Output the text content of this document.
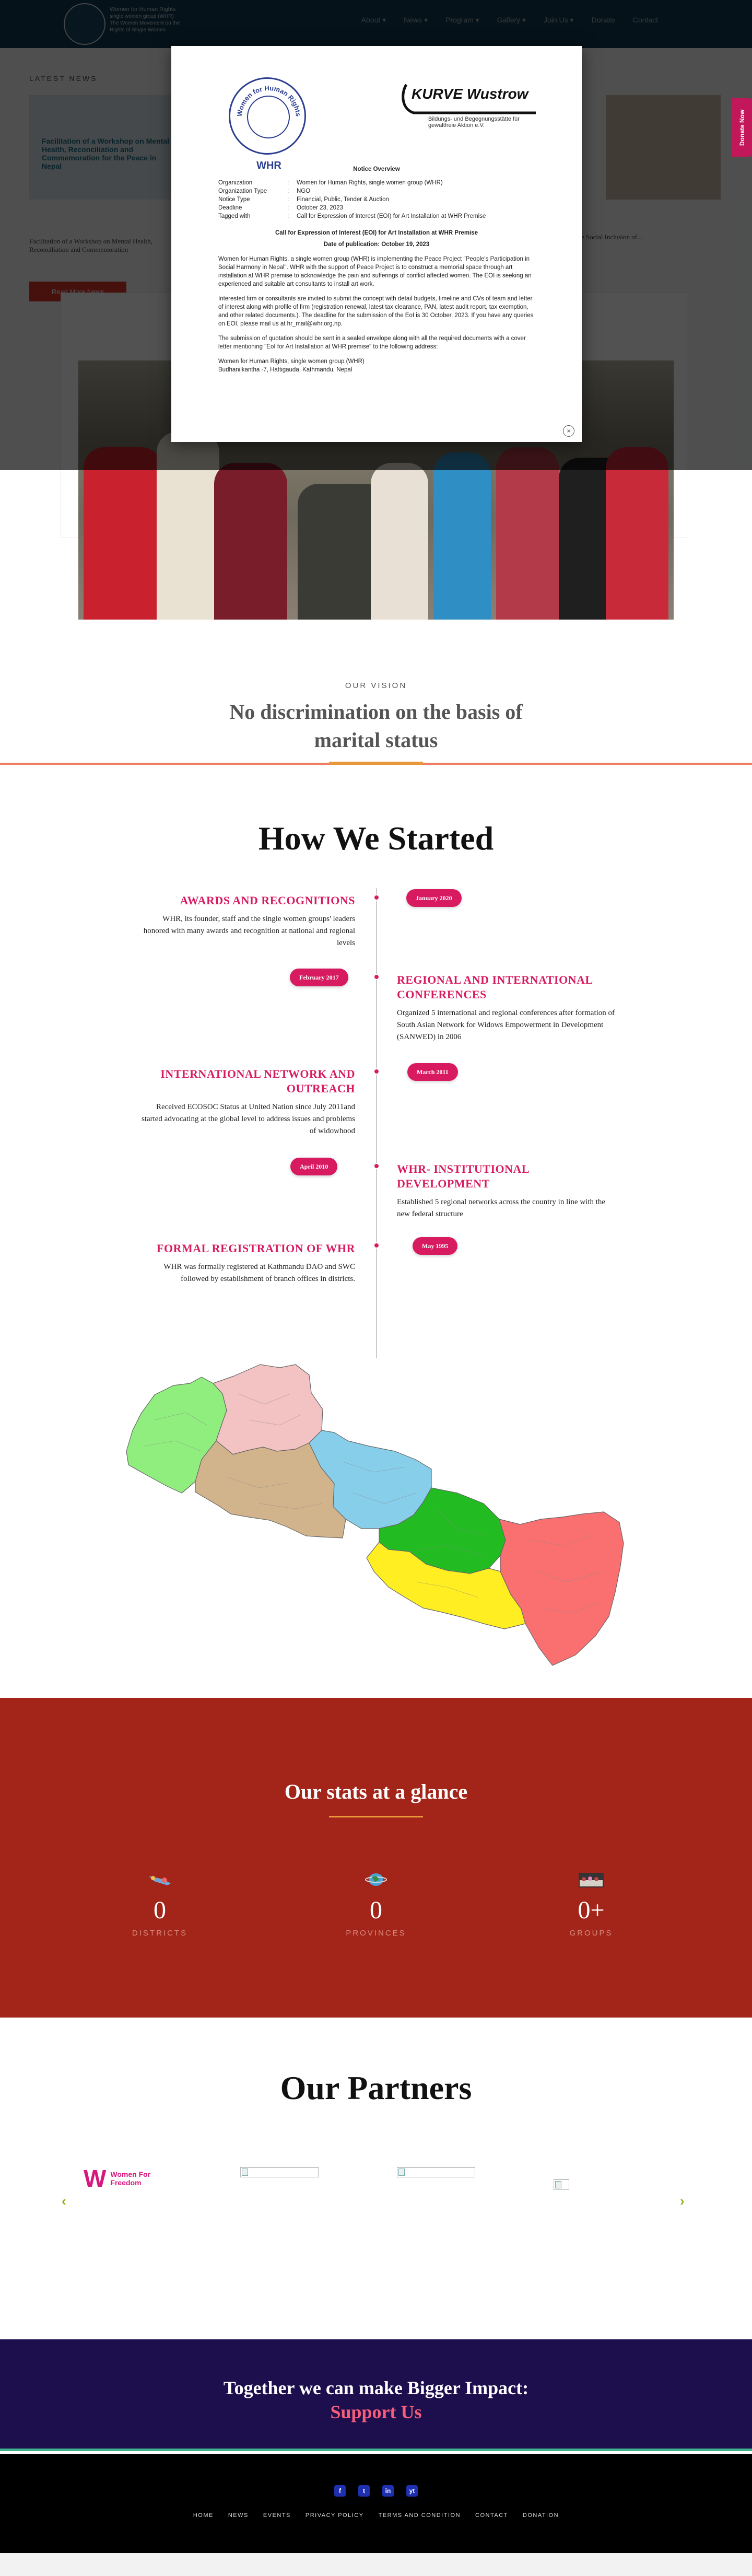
Donate Now
Women for Human Rights
WHR
KURVE Wustrow
Bildungs- und Begegnungsstätte für gewaltfreie Aktion e.V.
Notice Overview
Organization	:	Women for Human Rights, single women group (WHR)
Organization Type	:	NGO
Notice Type	:	Financial, Public, Tender & Auction
Deadline	:	October 23, 2023
Tagged with	:	Call for Expression of Interest (EOI) for Art Installation at WHR Premise
Call for Expression of Interest (EOI) for Art Installation at WHR Premise
Date of publication: October 19, 2023

Women for Human Rights, a single women group (WHR) is implementing the Peace Project "People's Participation in Social Harmony in Nepal". WHR with the support of Peace Project is to construct a memorial space through art installation at WHR premise to acknowledge the pain and sufferings of conflict affected women. The EOI is seeking an experienced and suitable art consultants to install art work.

Interested firm or consultants are invited to submit the concept with detail budgets, timeline and CVs of team and letter of interest along with profile of firm (registration renewal, latest tax clearance, PAN, latest audit report, tax exemption, and other related documents.). The deadline for the submission of the EoI is 30 October, 2023. If you have any queries on EOI, please mail us at hr_mail@whr.org.np.

The submission of quotation should be sent in a sealed envelope along with all the required documents with a cover letter mentioning "EoI for Art Installation at WHR premise" to the following address:

Women for Human Rights, single women group (WHR)

Budhanilkantha -7, Hattigauda, Kathmandu, Nepal
×
OUR VISION
No discrimination on the basis of marital status
How We Started
January 2020
AWARDS AND RECOGNITIONS

WHR, its founder, staff and the single women groups' leaders honored with many awards and recognition at national and regional levels

February 2017	REGIONAL AND INTERNATIONAL CONFERENCES

Organized 5 international and regional conferences after formation of South Asian Network for Widows Empowerment in Development (SANWED) in 2006

March 2011
INTERNATIONAL NETWORK AND OUTREACH

Received ECOSOC Status at United Nation since July 2011and started advocating at the global level to address issues and problems of widowhood

April 2010	WHR- INSTITUTIONAL DEVELOPMENT

Established 5 regional networks across the country in line with the new federal structure

May 1995
FORMAL REGISTRATION OF WHR

WHR was formally registered at Kathmandu DAO and SWC followed by establishment of branch offices in districts.

Our stats at a glance
0
DISTRICTS
0
PROVINCES
0+
GROUPS
Our Partners
‹
W Women For Freedom
›
Together we can make Bigger Impact:
Support Us
f	t	in	yt
HOME	NEWS	EVENTS	PRIVACY POLICY	TERMS AND CONDITION	CONTACT	DONATION
